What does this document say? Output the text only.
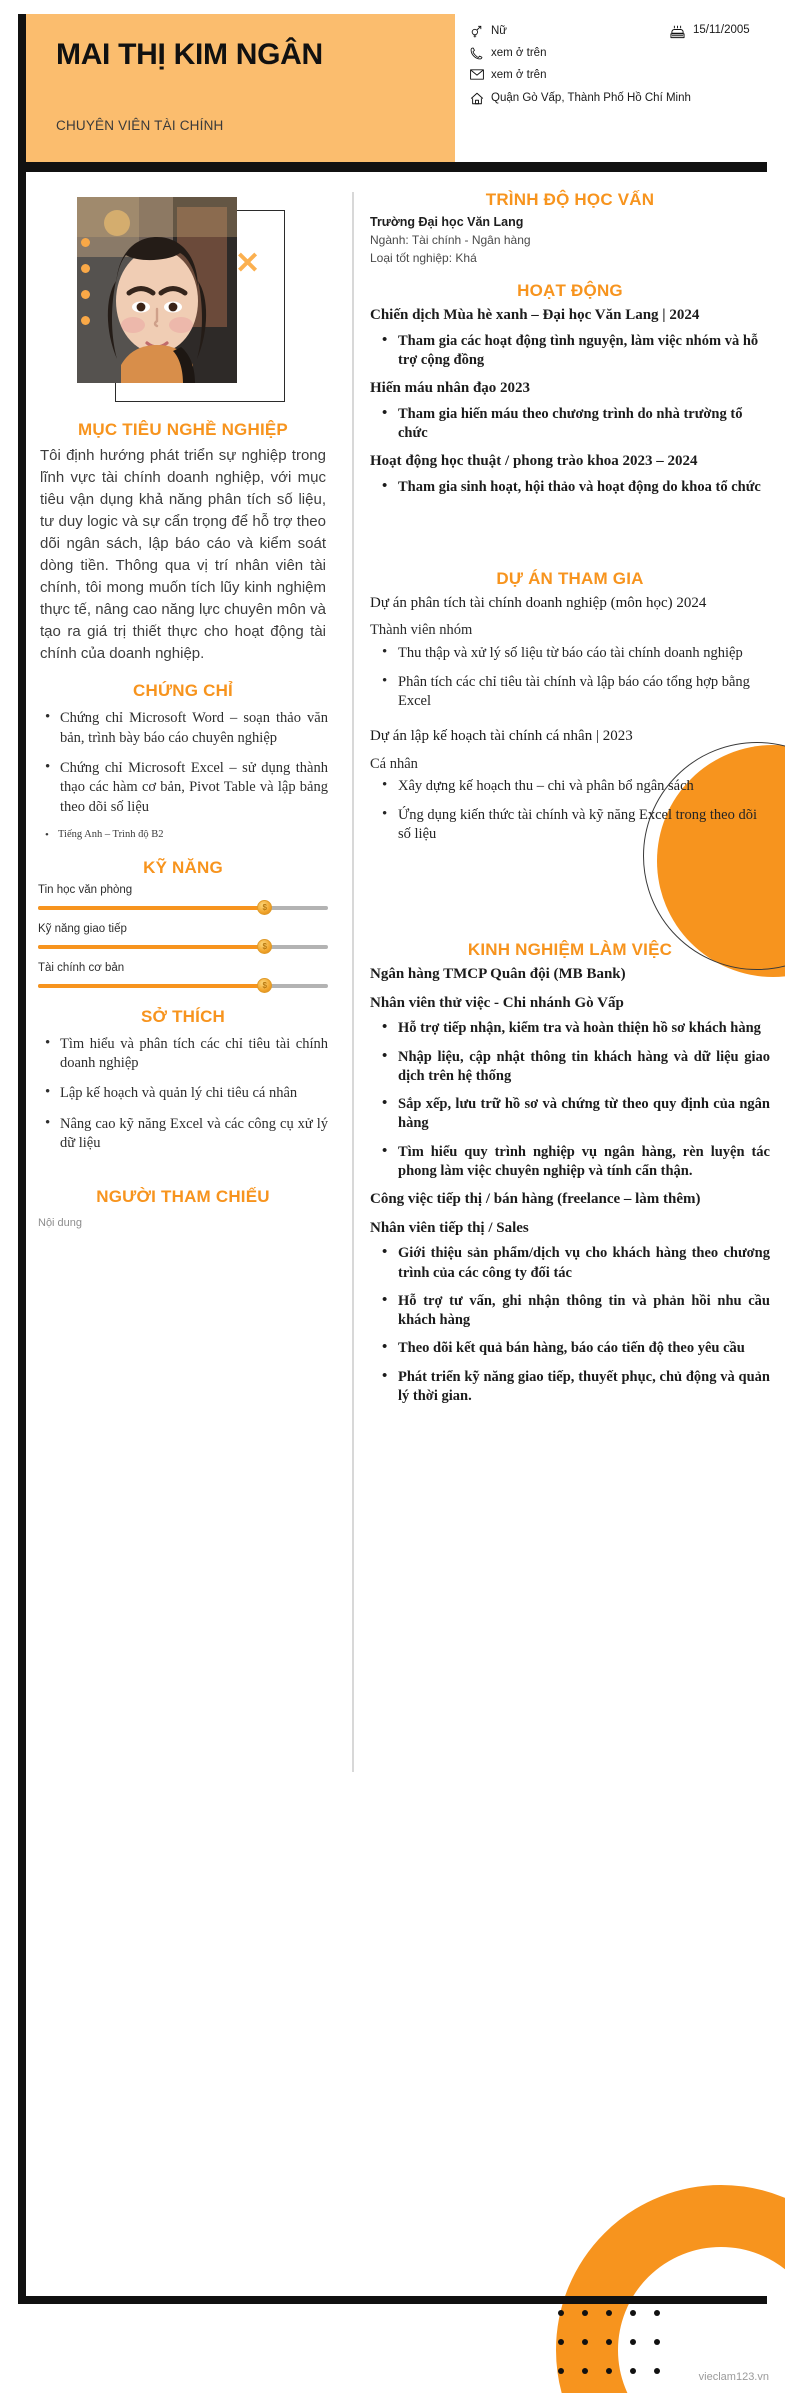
MAI THỊ KIM NGÂN
CHUYÊN VIÊN TÀI CHÍNH
Nữ
xem ở trên
xem ở trên
Quận Gò Vấp, Thành Phố Hồ Chí Minh
15/11/2005
✕
MỤC TIÊU NGHỀ NGHIỆP
Tôi định hướng phát triển sự nghiệp trong lĩnh vực tài chính doanh nghiệp, với mục tiêu vận dụng khả năng phân tích số liệu, tư duy logic và sự cẩn trọng để hỗ trợ theo dõi ngân sách, lập báo cáo và kiểm soát dòng tiền. Thông qua vị trí nhân viên tài chính, tôi mong muốn tích lũy kinh nghiệm thực tế, nâng cao năng lực chuyên môn và tạo ra giá trị thiết thực cho hoạt động tài chính của doanh nghiệp.
CHỨNG CHỈ
• Chứng chỉ Microsoft Word – soạn thảo văn bản, trình bày báo cáo chuyên nghiệp
• Chứng chỉ Microsoft Excel – sử dụng thành thạo các hàm cơ bản, Pivot Table và lập bảng theo dõi số liệu
• Tiếng Anh – Trình độ B2
KỸ NĂNG
Tin học văn phòng
$
Kỹ năng giao tiếp
$
Tài chính cơ bản
$
SỞ THÍCH
• Tìm hiểu và phân tích các chỉ tiêu tài chính doanh nghiệp
• Lập kế hoạch và quản lý chi tiêu cá nhân
• Nâng cao kỹ năng Excel và các công cụ xử lý dữ liệu
NGƯỜI THAM CHIẾU
Nội dung
TRÌNH ĐỘ HỌC VẤN
Trường Đại học Văn Lang
Ngành: Tài chính - Ngân hàng
Loại tốt nghiệp: Khá
HOẠT ĐỘNG
Chiến dịch Mùa hè xanh – Đại học Văn Lang | 2024
• Tham gia các hoạt động tình nguyện, làm việc nhóm và hỗ trợ cộng đồng
Hiến máu nhân đạo 2023
• Tham gia hiến máu theo chương trình do nhà trường tổ chức
Hoạt động học thuật / phong trào khoa 2023 – 2024
• Tham gia sinh hoạt, hội thảo và hoạt động do khoa tổ chức
DỰ ÁN THAM GIA
Dự án phân tích tài chính doanh nghiệp (môn học) 2024
Thành viên nhóm
• Thu thập và xử lý số liệu từ báo cáo tài chính doanh nghiệp
• Phân tích các chỉ tiêu tài chính và lập báo cáo tổng hợp bằng Excel
Dự án lập kế hoạch tài chính cá nhân | 2023
Cá nhân
• Xây dựng kế hoạch thu – chi và phân bổ ngân sách
• Ứng dụng kiến thức tài chính và kỹ năng Excel trong theo dõi số liệu
KINH NGHIỆM LÀM VIỆC
Ngân hàng TMCP Quân đội (MB Bank)
Nhân viên thử việc - Chi nhánh Gò Vấp
• Hỗ trợ tiếp nhận, kiểm tra và hoàn thiện hồ sơ khách hàng
• Nhập liệu, cập nhật thông tin khách hàng và dữ liệu giao dịch trên hệ thống
• Sắp xếp, lưu trữ hồ sơ và chứng từ theo quy định của ngân hàng
• Tìm hiểu quy trình nghiệp vụ ngân hàng, rèn luyện tác phong làm việc chuyên nghiệp và tính cẩn thận.
Công việc tiếp thị / bán hàng (freelance – làm thêm)
Nhân viên tiếp thị / Sales
• Giới thiệu sản phẩm/dịch vụ cho khách hàng theo chương trình của các công ty đối tác
• Hỗ trợ tư vấn, ghi nhận thông tin và phản hồi nhu cầu khách hàng
• Theo dõi kết quả bán hàng, báo cáo tiến độ theo yêu cầu
• Phát triển kỹ năng giao tiếp, thuyết phục, chủ động và quản lý thời gian.
vieclam123.vn
